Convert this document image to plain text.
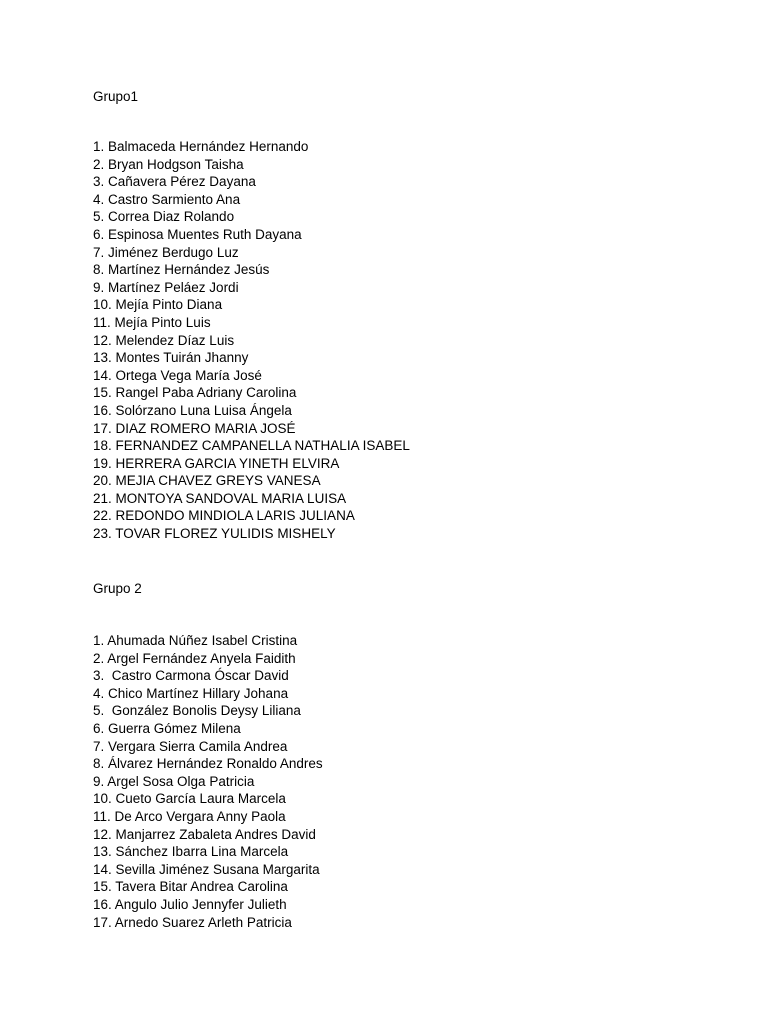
Grupo1
1. Balmaceda Hernández Hernando
2. Bryan Hodgson Taisha
3. Cañavera Pérez Dayana
4. Castro Sarmiento Ana
5. Correa Diaz Rolando
6. Espinosa Muentes Ruth Dayana
7. Jiménez Berdugo Luz
8. Martínez Hernández Jesús
9. Martínez Peláez Jordi
10. Mejía Pinto Diana
11. Mejía Pinto Luis
12. Melendez Díaz Luis
13. Montes Tuirán Jhanny
14. Ortega Vega María José
15. Rangel Paba Adriany Carolina
16. Solórzano Luna Luisa Ángela
17. DIAZ ROMERO MARIA JOSÉ
18. FERNANDEZ CAMPANELLA NATHALIA ISABEL
19. HERRERA GARCIA YINETH ELVIRA
20. MEJIA CHAVEZ GREYS VANESA
21. MONTOYA SANDOVAL MARIA LUISA
22. REDONDO MINDIOLA LARIS JULIANA
23. TOVAR FLOREZ YULIDIS MISHELY
Grupo 2
1. Ahumada Núñez Isabel Cristina
2. Argel Fernández Anyela Faidith
3.  Castro Carmona Óscar David
4. Chico Martínez Hillary Johana
5.  González Bonolis Deysy Liliana
6. Guerra Gómez Milena
7. Vergara Sierra Camila Andrea
8. Álvarez Hernández Ronaldo Andres
9. Argel Sosa Olga Patricia
10. Cueto García Laura Marcela
11. De Arco Vergara Anny Paola
12. Manjarrez Zabaleta Andres David
13. Sánchez Ibarra Lina Marcela
14. Sevilla Jiménez Susana Margarita
15. Tavera Bitar Andrea Carolina
16. Angulo Julio Jennyfer Julieth
17. Arnedo Suarez Arleth Patricia
